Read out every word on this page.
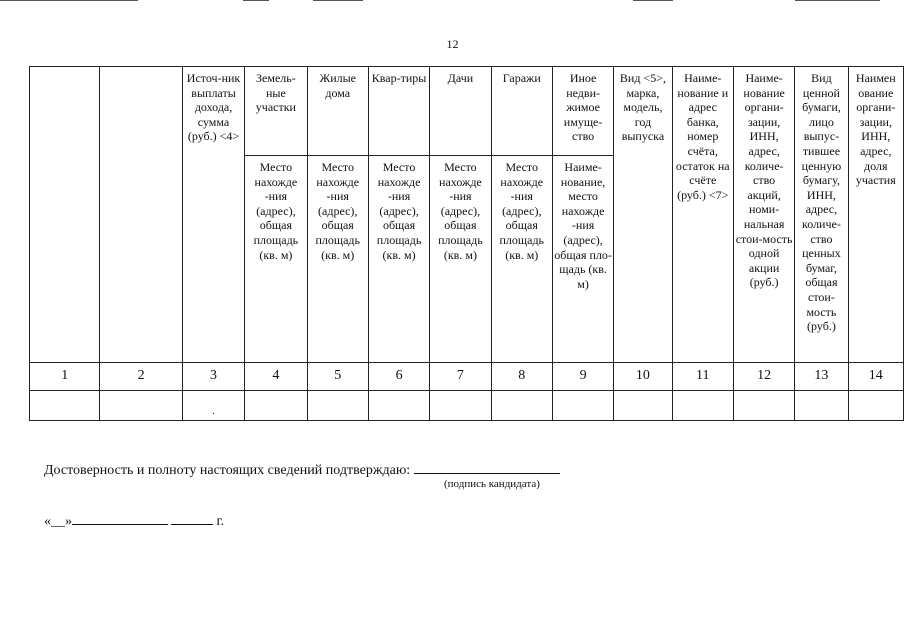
12

		Источ-ник выплаты дохода, сумма (руб.) <4>	Земель-ные участки	Жилые дома	Квар-тиры	Дачи	Гаражи	Иное недви-жимое имуще-ство	Вид <5>, марка, модель, год выпуска	Наиме-нование и адрес банка, номер счёта, остаток на счёте (руб.) <7>	Наиме-нование органи-зации, ИНН, адрес, количе-ство акций, номи-нальная стои-мость одной акции (руб.)	Вид ценной бумаги, лицо выпус-тившее ценную бумагу, ИНН, адрес, количе-ство ценных бумаг, общая стои-мость (руб.)	Наимен ование органи-зации, ИНН, адрес, доля участия

			Место нахожде -ния (адрес), общая площадь (кв. м)	Место нахожде -ния (адрес), общая площадь (кв. м)	Место нахожде -ния (адрес), общая площадь (кв. м)	Место нахожде -ния (адрес), общая площадь (кв. м)	Место нахожде -ния (адрес), общая площадь (кв. м)	Наиме-нование, место нахожде -ния (адрес), общая пло-щадь (кв. м)					

1	2	3	4	5	6	7	8	9	10	11	12	13	14

		.											

Достоверность и полноту настоящих сведений подтверждаю:
(подпись кандидата)
«__»	г.
